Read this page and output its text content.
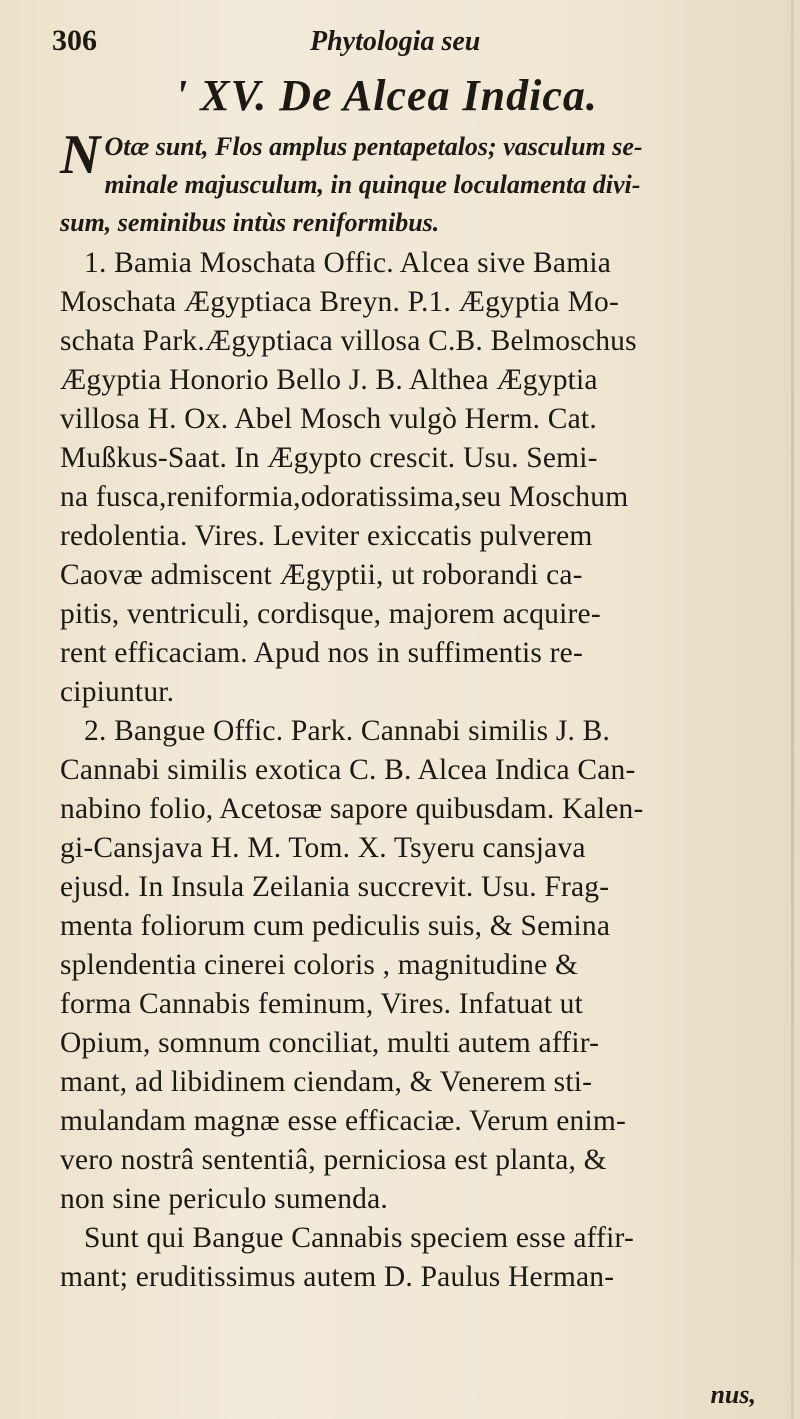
306	Phytologia seu
' XV. De Alcea Indica.
N Otæ sunt, Flos amplus pentapetalos; vasculum se-
minale majusculum, in quinque loculamenta divi-
sum, seminibus intùs reniformibus.
1. Bamia Moschata Offic. Alcea sive Bamia
Moschata Ægyptiaca Breyn. P.1. Ægyptia Mo-
schata Park.Ægyptiaca villosa C.B. Belmoschus
Ægyptia Honorio Bello J. B. Althea Ægyptia
villosa H. Ox. Abel Mosch vulgò Herm. Cat.
Mußkus-Saat. In Ægypto crescit. Usu. Semi-
na fusca,reniformia,odoratissima,seu Moschum
redolentia. Vires. Leviter exiccatis pulverem
Caovæ admiscent Ægyptii, ut roborandi ca-
pitis, ventriculi, cordisque, majorem acquire-
rent efficaciam. Apud nos in suffimentis re-
cipiuntur.
2. Bangue Offic. Park. Cannabi similis J. B.
Cannabi similis exotica C. B. Alcea Indica Can-
nabino folio, Acetosæ sapore quibusdam. Kalen-
gi-Cansjava H. M. Tom. X. Tsyeru cansjava
ejusd. In Insula Zeilania succrevit. Usu. Frag-
menta foliorum cum pediculis suis, & Semina
splendentia cinerei coloris , magnitudine &
forma Cannabis feminum, Vires. Infatuat ut
Opium, somnum conciliat, multi autem affir-
mant, ad libidinem ciendam, & Venerem sti-
mulandam magnæ esse efficaciæ. Verum enim-
vero nostrâ sententiâ, perniciosa est planta, &
non sine periculo sumenda.
Sunt qui Bangue Cannabis speciem esse affir-
mant; eruditissimus autem D. Paulus Herman-
nus,
